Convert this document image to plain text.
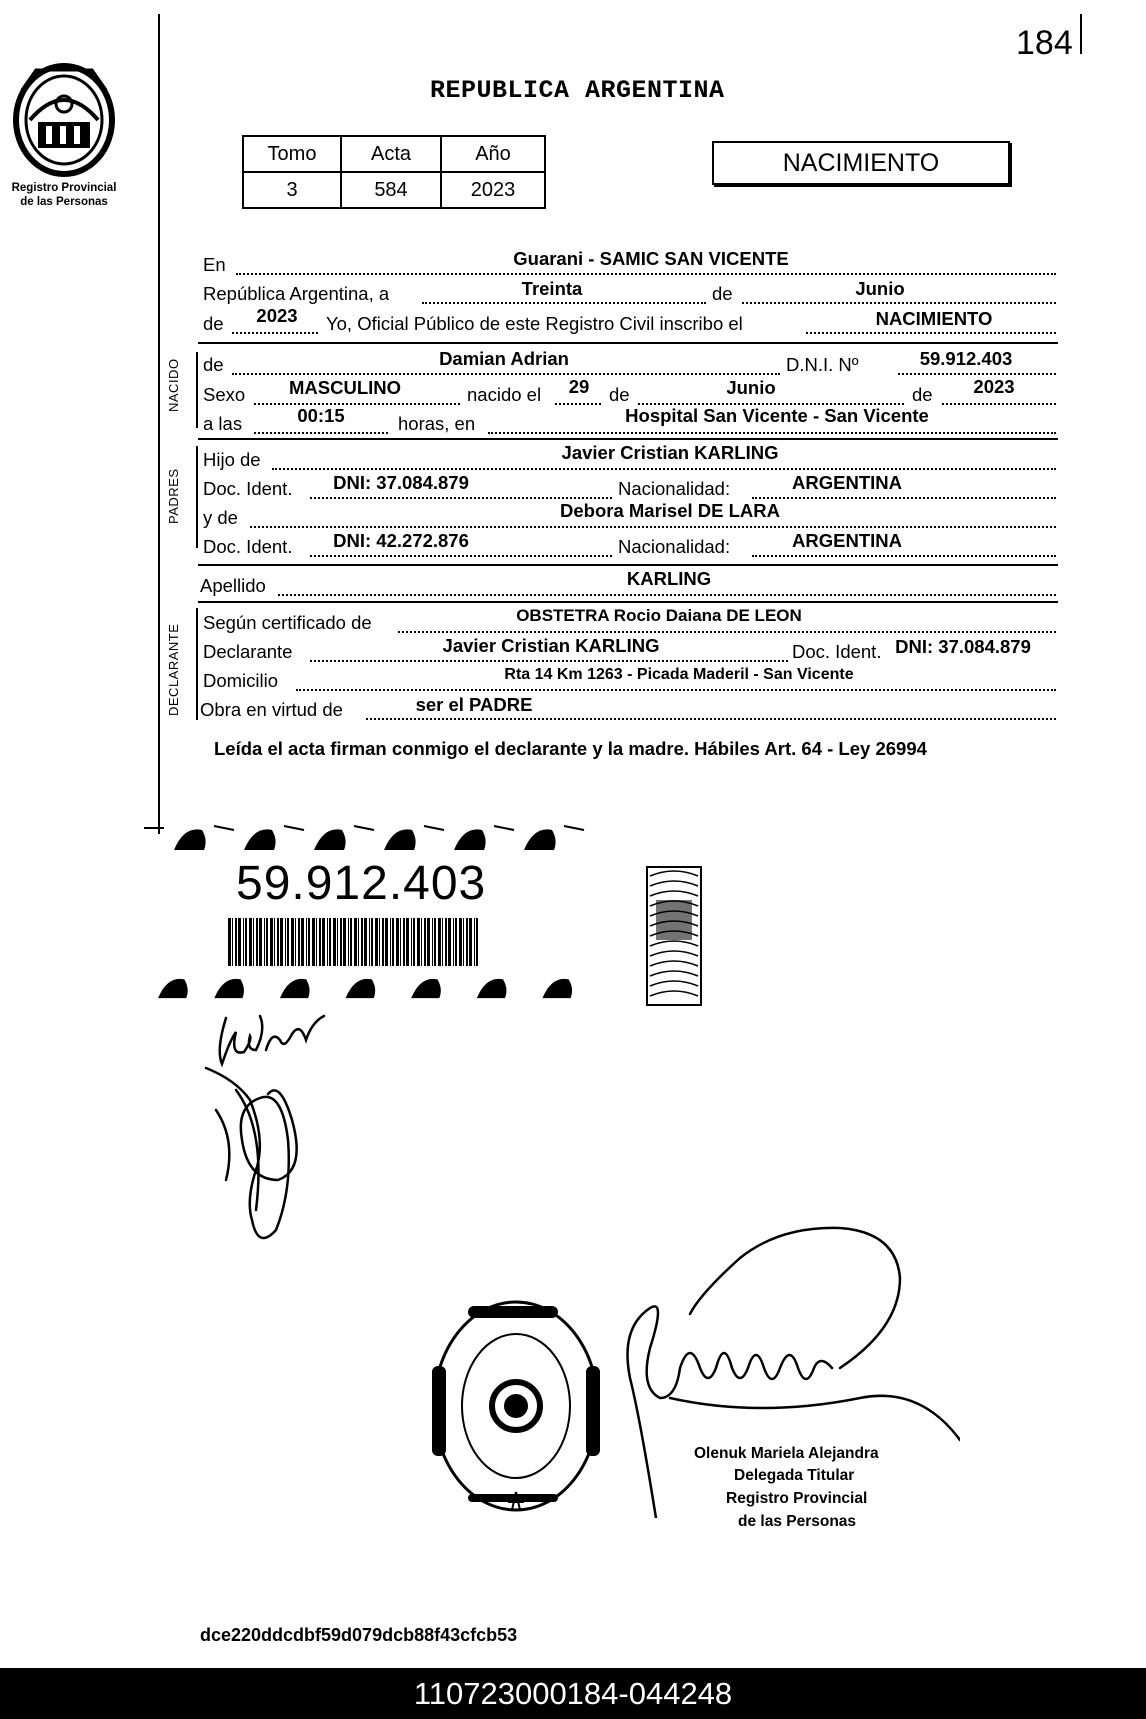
184
Registro Provincial
de las Personas
REPUBLICA ARGENTINA
Tomo	Acta	Año
3	584	2023
NACIMIENTO
En	Guarani - SAMIC SAN VICENTE
República Argentina, a	Treinta	de	Junio
de 2023 Yo, Oficial Público de este Registro Civil inscribo el	NACIMIENTO
NACIDO de	Damian Adrian	D.N.I. Nº	59.912.403
Sexo MASCULINO	nacido el 29 de	Junio	de 2023
a las	00:15	horas, en	Hospital San Vicente - San Vicente
PADRES
Hijo de	Javier Cristian KARLING
Doc. Ident. DNI: 37.084.879	Nacionalidad:	ARGENTINA
y de	Debora Marisel DE LARA
Doc. Ident. DNI: 42.272.876	Nacionalidad:	ARGENTINA
Apellido	KARLING
DECLARANTE
Según certificado de	OBSTETRA Rocio Daiana DE LEON
Declarante	Javier Cristian KARLING	Doc. Ident. DNI: 37.084.879
Domicilio	Rta 14 Km 1263 - Picada Maderil - San Vicente
Obra en virtud de	ser el PADRE
Leída el acta firman conmigo el declarante y la madre. Hábiles Art. 64 - Ley 26994
59.912.403
Olenuk Mariela Alejandra
Delegada Titular
Registro Provincial
de las Personas
dce220ddcdbf59d079dcb88f43cfcb53
110723000184-044248
